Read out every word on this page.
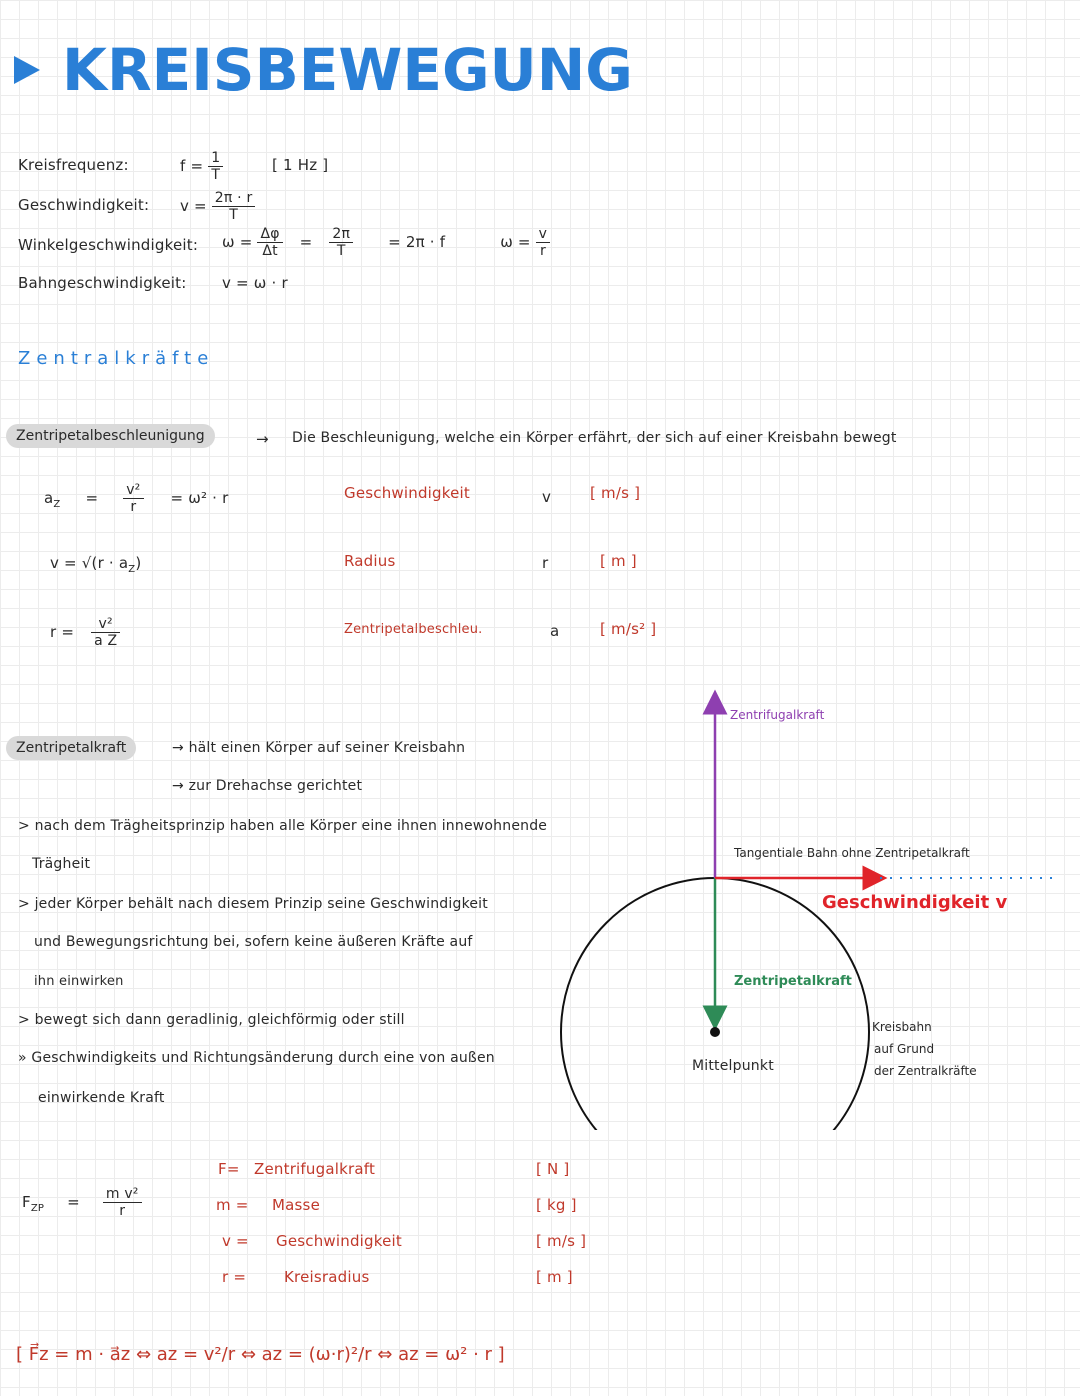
KREISBEWEGUNG
Kreisfrequenz:	$f = \frac{1}{T}$	[ 1 Hz ]
Geschwindigkeit: $v = \frac{2\pi \cdot r}{T}$
Winkelgeschwindigkeit: $\omega = \frac{\Delta\varphi}{\Delta t} = \frac{2\pi}{T} = 2\pi \cdot f$	$\omega = \frac{v}{r}$
Bahngeschwindigkeit: v = ω · r
Zentralkräfte
Zentripetalbeschleunigung	→ Die Beschleunigung, welche ein Körper erfährt, der sich auf einer Kreisbahn bewegt
$a_Z = \frac{\text{v²}}{r} = \omega^2 \cdot r$
$v = √(r \cdot a_Z)$
$r = \frac{\text{v²}}{\text{a Z}}$
Geschwindigkeit	v	[ m/s ]
Radius	r	[ m ]
Zentripetalbeschleu.	a	[ m/s² ]
Zentripetalkraft	→ hält einen Körper auf seiner Kreisbahn
→ zur Drehachse gerichtet
> nach dem Trägheitsprinzip haben alle Körper eine ihnen innewohnende
Trägheit
> jeder Körper behält nach diesem Prinzip seine Geschwindigkeit
und Bewegungsrichtung bei, sofern keine äußeren Kräfte auf
ihn einwirken
> bewegt sich dann geradlinig, gleichförmig oder still
» Geschwindigkeits und Richtungsänderung durch eine von außen
einwirkende Kraft
$F_{ZP} = \frac{\text{m v²}}{r}$
F= Zentrifugalkraft	[ N ]
m = Masse	[ kg ]
v = Geschwindigkeit	[ m/s ]
r =	Kreisradius	[ m ]
[ F⃗z = m · a⃗z ⇔ az = v²/r ⇔ az = (ω·r)²/r ⇔ az = ω² · r ]
Zentrifugalkraft
Tangentiale Bahn ohne Zentripetalkraft
Geschwindigkeit v
Zentripetalkraft
Mittelpunkt
Kreisbahn
auf Grund
der Zentralkräfte
